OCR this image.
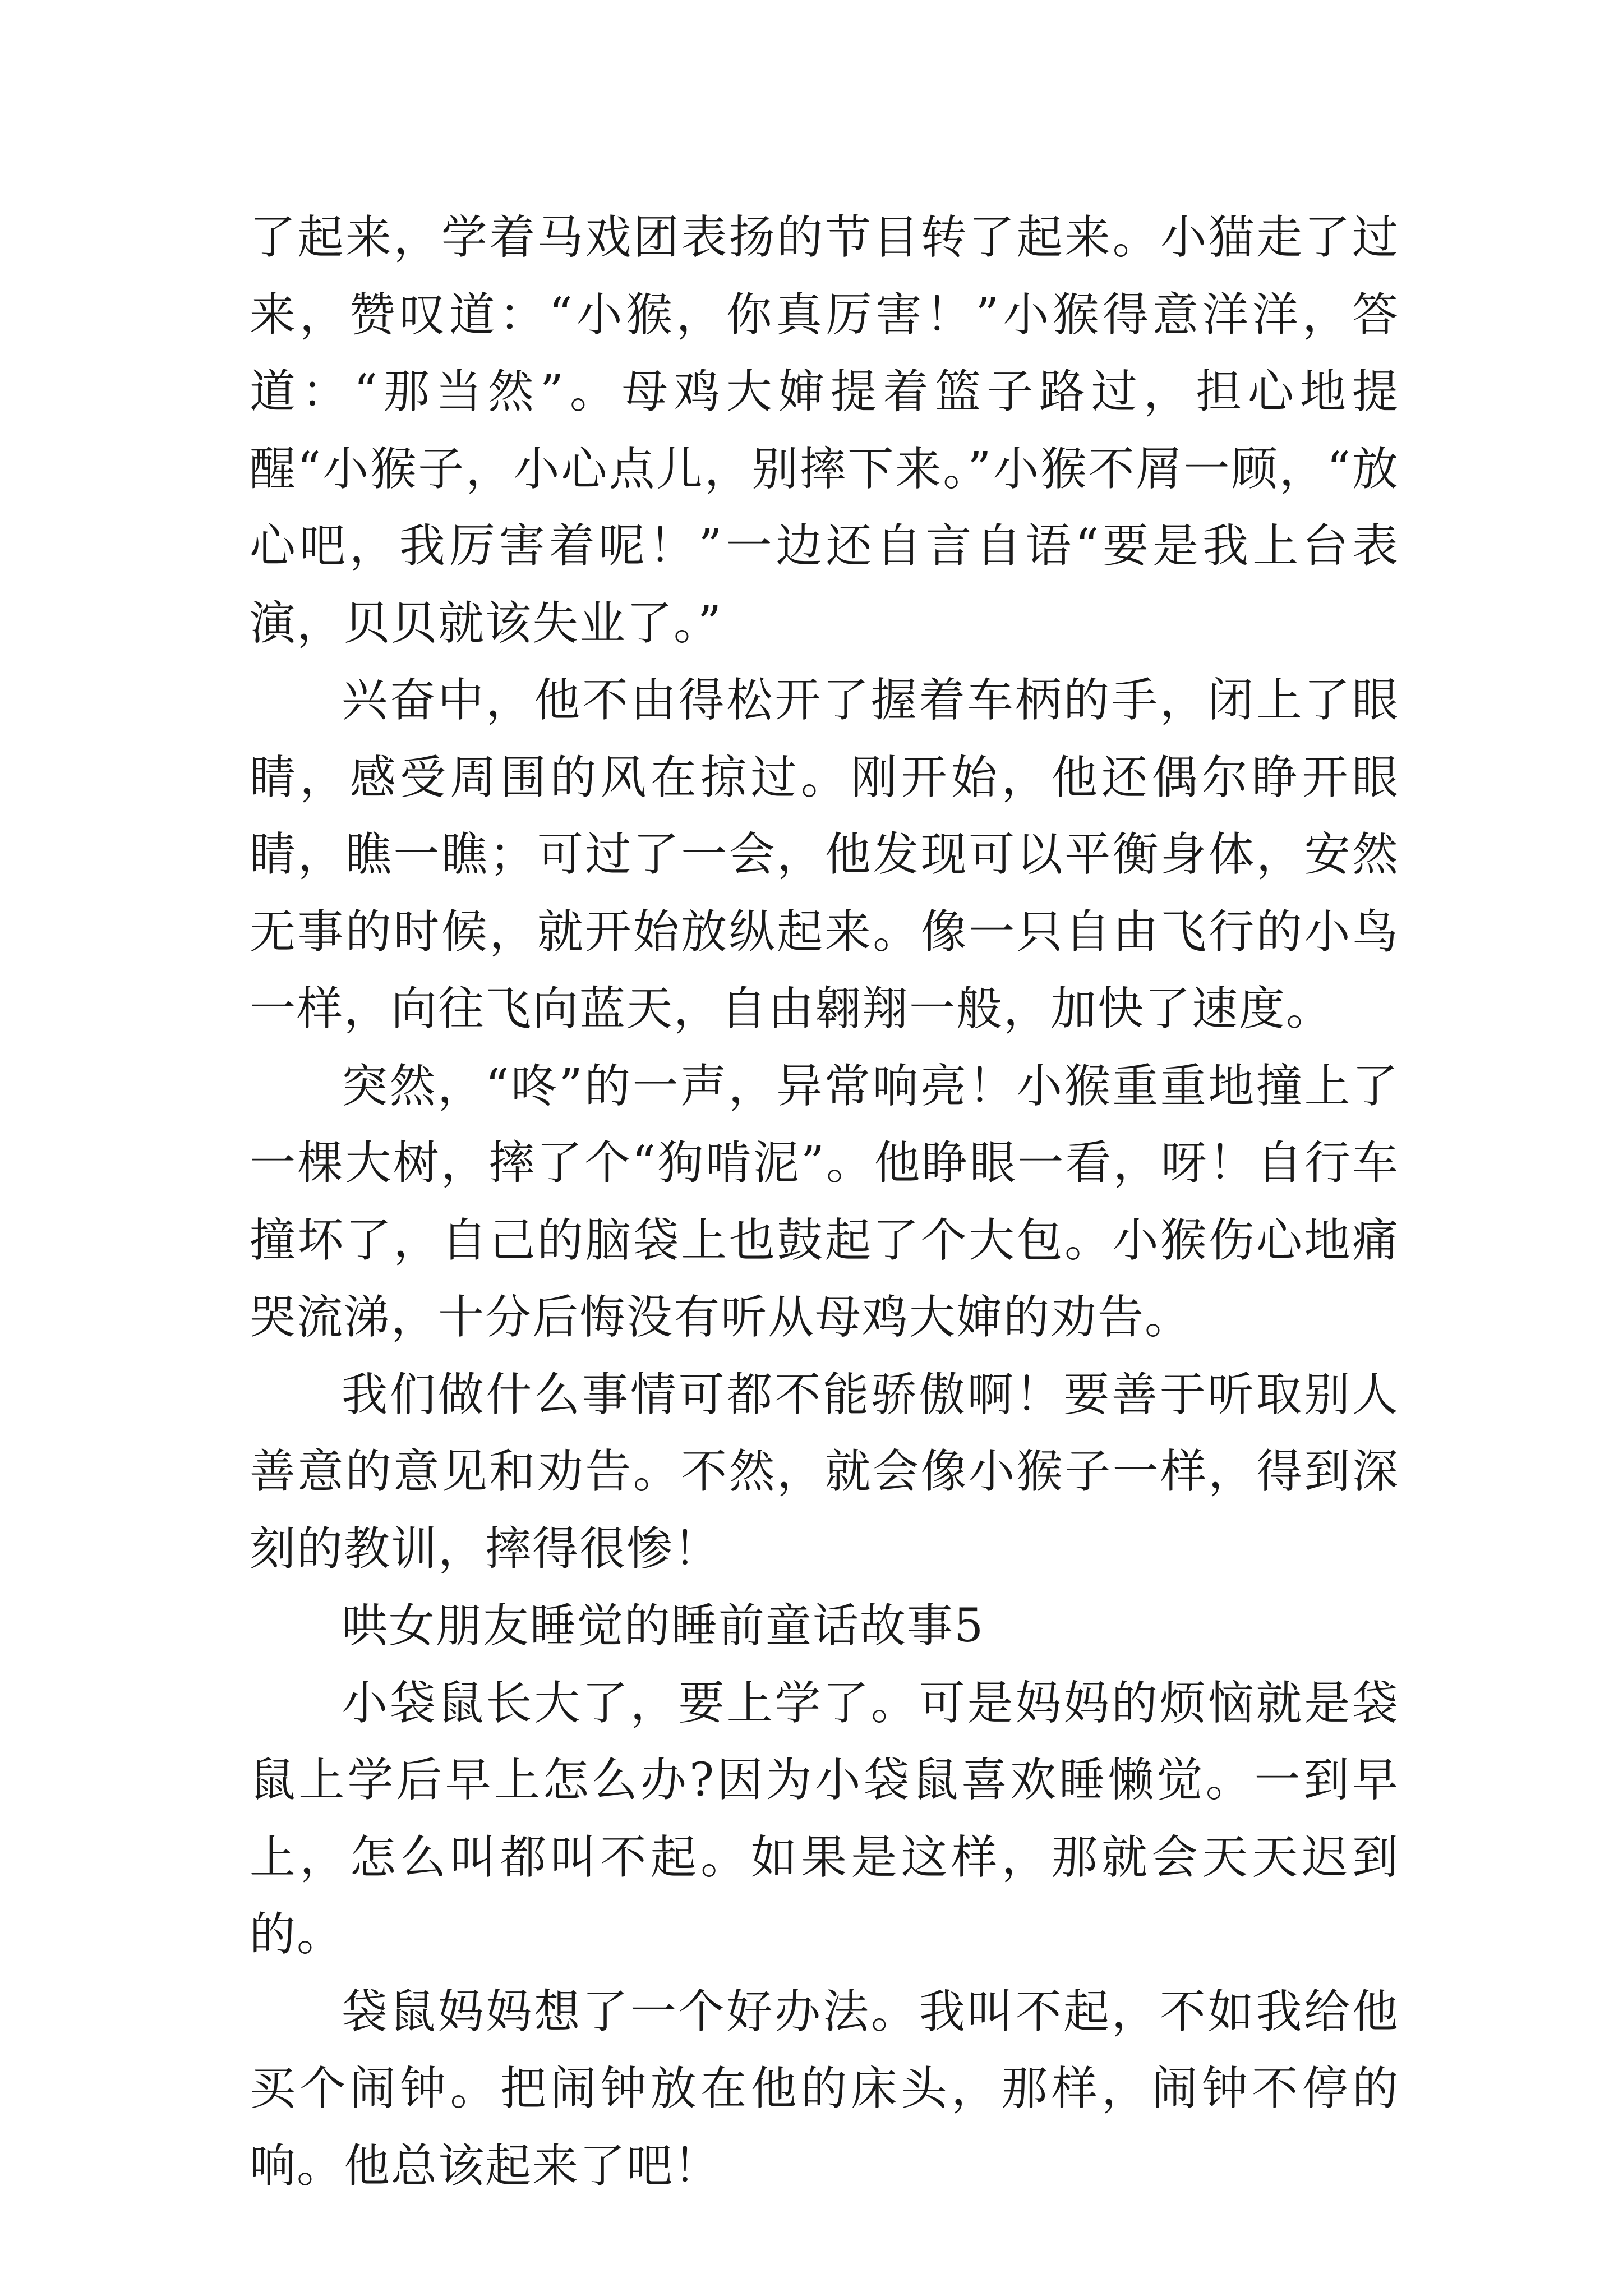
了起来，学着马戏团表扬的节目转了起来。小猫走了过来，赞叹道：“小猴，你真厉害！”小猴得意洋洋，答道：“那当然”。母鸡大婶提着篮子路过，担心地提醒“小猴子，小心点儿，别摔下来。”小猴不屑一顾，“放心吧，我厉害着呢！”一边还自言自语“要是我上台表演，贝贝就该失业了。”

兴奋中，他不由得松开了握着车柄的手，闭上了眼睛，感受周围的风在掠过。刚开始，他还偶尔睁开眼睛，瞧一瞧；可过了一会，他发现可以平衡身体，安然无事的时候，就开始放纵起来。像一只自由飞行的小鸟一样，向往飞向蓝天，自由翱翔一般，加快了速度。

突然，“咚”的一声，异常响亮！小猴重重地撞上了一棵大树，摔了个“狗啃泥”。他睁眼一看，呀！自行车撞坏了，自己的脑袋上也鼓起了个大包。小猴伤心地痛哭流涕，十分后悔没有听从母鸡大婶的劝告。

我们做什么事情可都不能骄傲啊！要善于听取别人善意的意见和劝告。不然，就会像小猴子一样，得到深刻的教训，摔得很惨！

哄女朋友睡觉的睡前童话故事5

小袋鼠长大了，要上学了。可是妈妈的烦恼就是袋鼠上学后早上怎么办?因为小袋鼠喜欢睡懒觉。一到早上，怎么叫都叫不起。如果是这样，那就会天天迟到的。

袋鼠妈妈想了一个好办法。我叫不起，不如我给他买个闹钟。把闹钟放在他的床头，那样，闹钟不停的响。他总该起来了吧！
